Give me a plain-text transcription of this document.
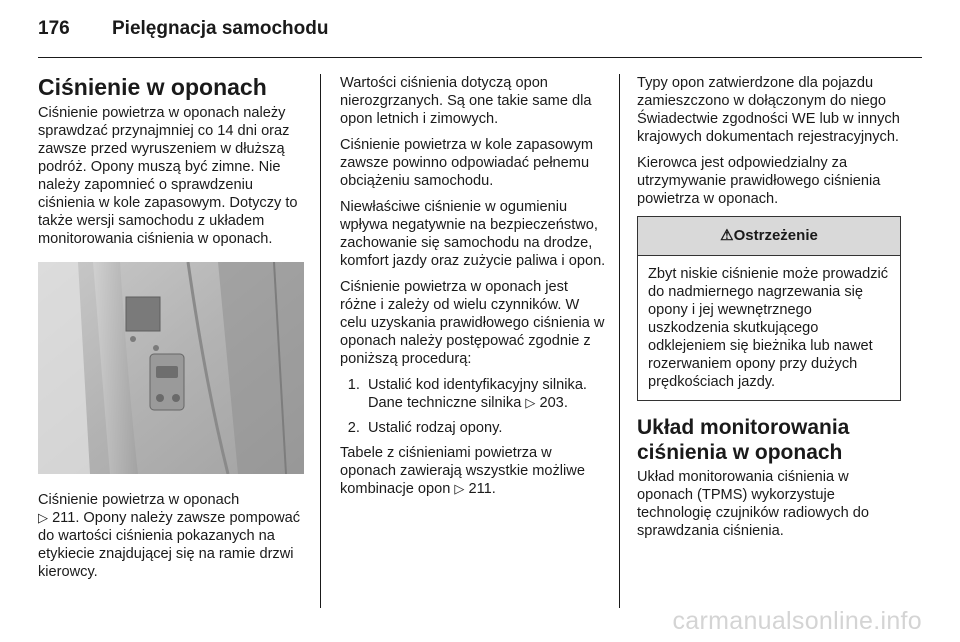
176 Pielęgnacja samochodu
Ciśnienie w oponach

Ciśnienie powietrza w oponach należy sprawdzać przynajmniej co 14 dni oraz zawsze przed wyruszeniem w dłuższą podróż. Opony muszą być zimne. Nie należy zapomnieć o sprawdzeniu ciśnienia w kole zapasowym. Dotyczy to także wersji samochodu z układem monitorowania ciśnienia w oponach.

Ciśnienie powietrza w oponach
▷ 211. Opony należy zawsze pompować do wartości ciśnienia pokazanych na etykiecie znajdującej się na ramie drzwi kierowcy.

Wartości ciśnienia dotyczą opon nierozgrzanych. Są one takie same dla opon letnich i zimowych.

Ciśnienie powietrza w kole zapasowym zawsze powinno odpowiadać pełnemu obciążeniu samochodu.

Niewłaściwe ciśnienie w ogumieniu wpływa negatywnie na bezpieczeństwo, zachowanie się samochodu na drodze, komfort jazdy oraz zużycie paliwa i opon.

Ciśnienie powietrza w oponach jest różne i zależy od wielu czynników. W celu uzyskania prawidłowego ciśnienia w oponach należy postępować zgodnie z poniższą procedurą:

1. Ustalić kod identyfikacyjny silnika. Dane techniczne silnika ▷ 203.
2. Ustalić rodzaj opony.

Tabele z ciśnieniami powietrza w oponach zawierają wszystkie możliwe kombinacje opon ▷ 211.

Typy opon zatwierdzone dla pojazdu zamieszczono w dołączonym do niego Świadectwie zgodności WE lub w innych krajowych dokumentach rejestracyjnych.

Kierowca jest odpowiedzialny za utrzymywanie prawidłowego ciśnienia powietrza w oponach.

⚠Ostrzeżenie
Zbyt niskie ciśnienie może prowadzić do nadmiernego nagrzewania się opony i jej wewnętrznego uszkodzenia skutkującego odklejeniem się bieżnika lub nawet rozerwaniem opony przy dużych prędkościach jazdy.
Układ monitorowania ciśnienia w oponach

Układ monitorowania ciśnienia w oponach (TPMS) wykorzystuje technologię czujników radiowych do sprawdzania ciśnienia.

carmanualsonline.info
